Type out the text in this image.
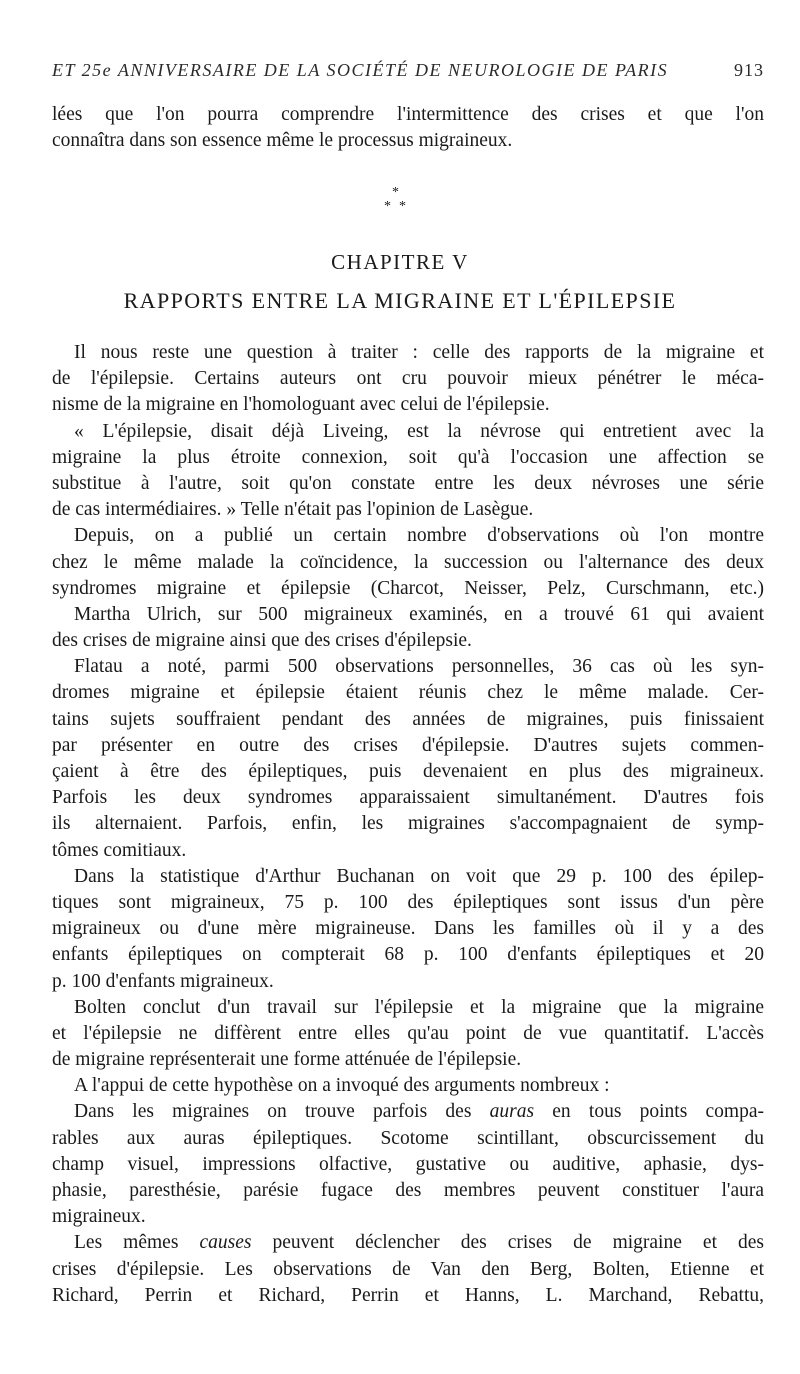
ET 25e ANNIVERSAIRE DE LA SOCIÉTÉ DE NEUROLOGIE DE PARIS	913
lées que l'on pourra comprendre l'intermittence des crises et que l'on
connaîtra dans son essence même le processus migraineux.
*
* *
CHAPITRE V
RAPPORTS ENTRE LA MIGRAINE ET L'ÉPILEPSIE
Il nous reste une question à traiter : celle des rapports de la migraine et
de l'épilepsie. Certains auteurs ont cru pouvoir mieux pénétrer le méca-
nisme de la migraine en l'homologuant avec celui de l'épilepsie.
« L'épilepsie, disait déjà Liveing, est la névrose qui entretient avec la
migraine la plus étroite connexion, soit qu'à l'occasion une affection se
substitue à l'autre, soit qu'on constate entre les deux névroses une série
de cas intermédiaires. » Telle n'était pas l'opinion de Lasègue.
Depuis, on a publié un certain nombre d'observations où l'on montre
chez le même malade la coïncidence, la succession ou l'alternance des deux
syndromes migraine et épilepsie (Charcot, Neisser, Pelz, Curschmann, etc.)
Martha Ulrich, sur 500 migraineux examinés, en a trouvé 61 qui avaient
des crises de migraine ainsi que des crises d'épilepsie.
Flatau a noté, parmi 500 observations personnelles, 36 cas où les syn-
dromes migraine et épilepsie étaient réunis chez le même malade. Cer-
tains sujets souffraient pendant des années de migraines, puis finissaient
par présenter en outre des crises d'épilepsie. D'autres sujets commen-
çaient à être des épileptiques, puis devenaient en plus des migraineux.
Parfois les deux syndromes apparaissaient simultanément. D'autres fois
ils alternaient. Parfois, enfin, les migraines s'accompagnaient de symp-
tômes comitiaux.
Dans la statistique d'Arthur Buchanan on voit que 29 p. 100 des épilep-
tiques sont migraineux, 75 p. 100 des épileptiques sont issus d'un père
migraineux ou d'une mère migraineuse. Dans les familles où il y a des
enfants épileptiques on compterait 68 p. 100 d'enfants épileptiques et 20
p. 100 d'enfants migraineux.
Bolten conclut d'un travail sur l'épilepsie et la migraine que la migraine
et l'épilepsie ne diffèrent entre elles qu'au point de vue quantitatif. L'accès
de migraine représenterait une forme atténuée de l'épilepsie.
A l'appui de cette hypothèse on a invoqué des arguments nombreux :
Dans les migraines on trouve parfois des auras en tous points compa-
rables aux auras épileptiques. Scotome scintillant, obscurcissement du
champ visuel, impressions olfactive, gustative ou auditive, aphasie, dys-
phasie, paresthésie, parésie fugace des membres peuvent constituer l'aura
migraineux.
Les mêmes causes peuvent déclencher des crises de migraine et des
crises d'épilepsie. Les observations de Van den Berg, Bolten, Etienne et
Richard, Perrin et Richard, Perrin et Hanns, L. Marchand, Rebattu,
